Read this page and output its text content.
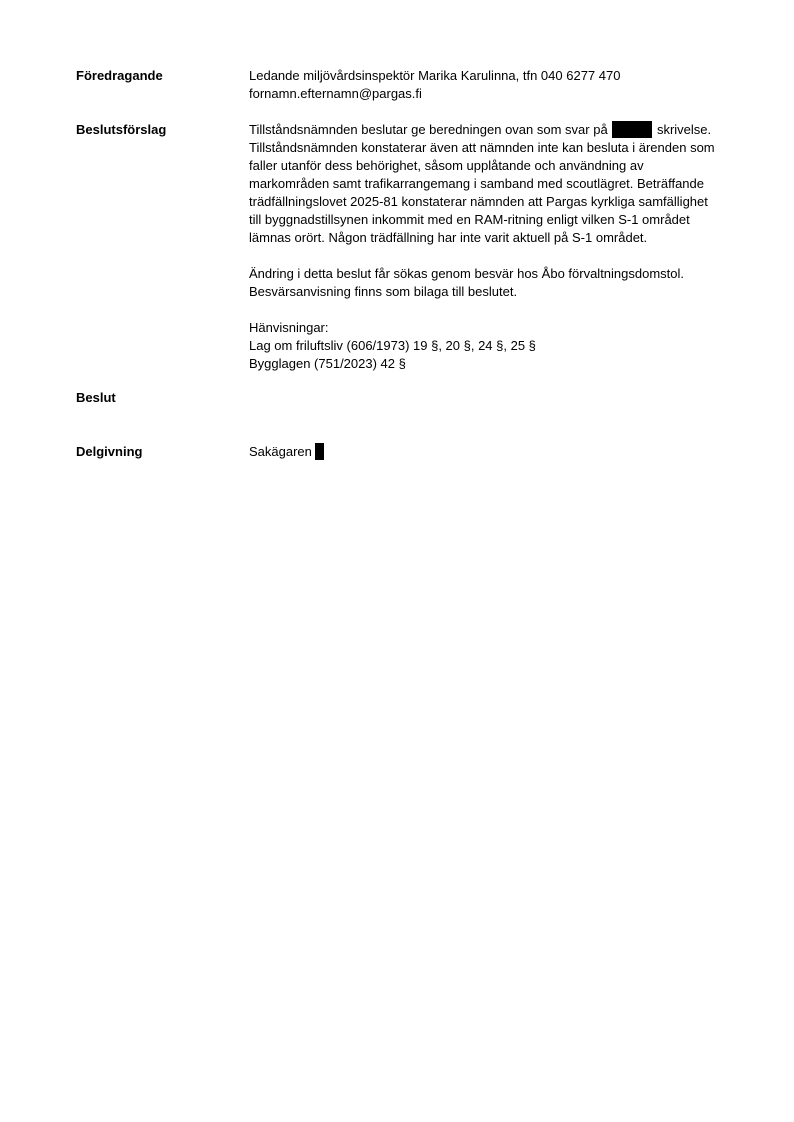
Föredragande	Ledande miljövårdsinspektör Marika Karulinna, tfn 040 6277 470
fornamn.efternamn@pargas.fi
Beslutsförslag	Tillståndsnämnden beslutar ge beredningen ovan som svar på	skrivelse.
Tillståndsnämnden konstaterar även att nämnden inte kan besluta i ärenden som
faller utanför dess behörighet, såsom upplåtande och användning av
markområden samt trafikarrangemang i samband med scoutlägret. Beträffande
trädfällningslovet 2025-81 konstaterar nämnden att Pargas kyrkliga samfällighet
till byggnadstillsynen inkommit med en RAM-ritning enligt vilken S-1 området
lämnas orört. Någon trädfällning har inte varit aktuell på S-1 området.
Ändring i detta beslut får sökas genom besvär hos Åbo förvaltningsdomstol.
Besvärsanvisning finns som bilaga till beslutet.
Hänvisningar:
Lag om friluftsliv (606/1973) 19 §, 20 §, 24 §, 25 §
Bygglagen (751/2023) 42 §
Beslut
Delgivning	Sakägaren
